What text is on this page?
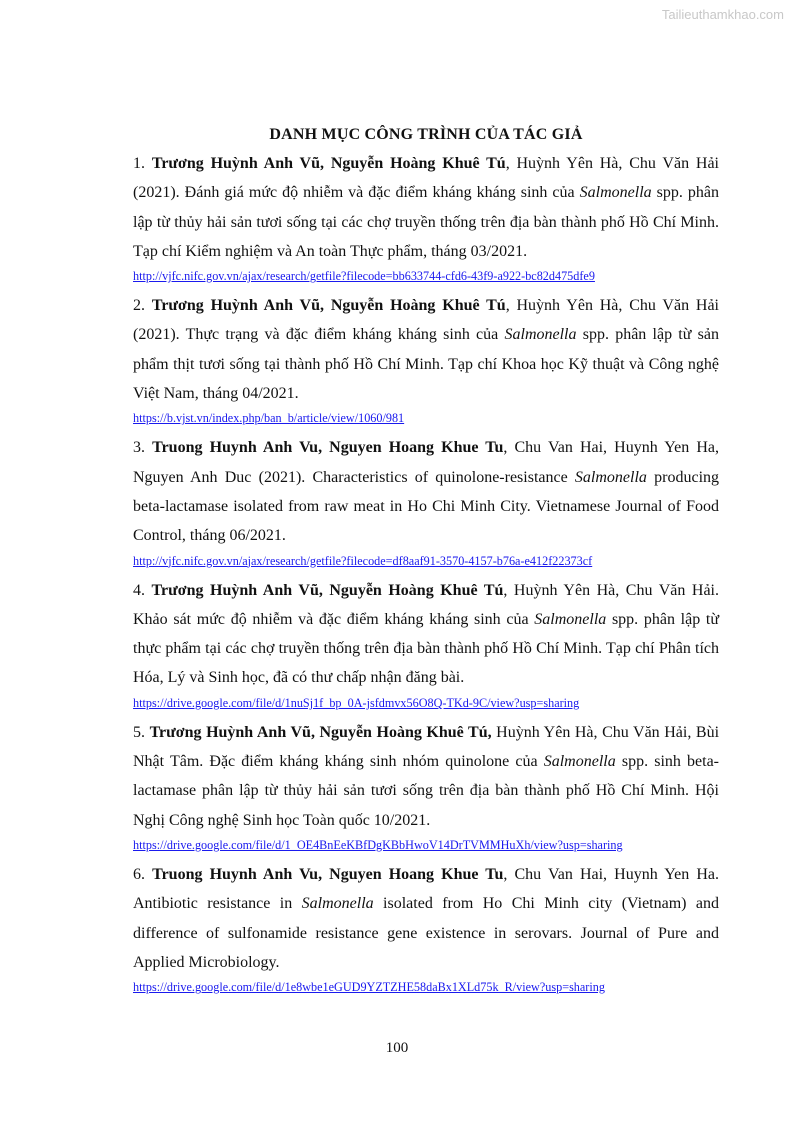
Tailieuthamkhao.com
DANH MỤC CÔNG TRÌNH CỦA TÁC GIẢ

1. Trương Huỳnh Anh Vũ, Nguyễn Hoàng Khuê Tú, Huỳnh Yên Hà, Chu Văn Hải (2021). Đánh giá mức độ nhiễm và đặc điểm kháng kháng sinh của Salmonella spp. phân lập từ thủy hải sản tươi sống tại các chợ truyền thống trên địa bàn thành phố Hồ Chí Minh. Tạp chí Kiểm nghiệm và An toàn Thực phẩm, tháng 03/2021.

http://vjfc.nifc.gov.vn/ajax/research/getfile?filecode=bb633744-cfd6-43f9-a922-bc82d475dfe9

2. Trương Huỳnh Anh Vũ, Nguyễn Hoàng Khuê Tú, Huỳnh Yên Hà, Chu Văn Hải (2021). Thực trạng và đặc điểm kháng kháng sinh của Salmonella spp. phân lập từ sản phẩm thịt tươi sống tại thành phố Hồ Chí Minh. Tạp chí Khoa học Kỹ thuật và Công nghệ Việt Nam, tháng 04/2021.

https://b.vjst.vn/index.php/ban_b/article/view/1060/981

3. Truong Huynh Anh Vu, Nguyen Hoang Khue Tu, Chu Van Hai, Huynh Yen Ha, Nguyen Anh Duc (2021). Characteristics of quinolone-resistance Salmonella producing beta-lactamase isolated from raw meat in Ho Chi Minh City. Vietnamese Journal of Food Control, tháng 06/2021.

http://vjfc.nifc.gov.vn/ajax/research/getfile?filecode=df8aaf91-3570-4157-b76a-e412f22373cf

4. Trương Huỳnh Anh Vũ, Nguyễn Hoàng Khuê Tú, Huỳnh Yên Hà, Chu Văn Hải. Khảo sát mức độ nhiễm và đặc điểm kháng kháng sinh của Salmonella spp. phân lập từ thực phẩm tại các chợ truyền thống trên địa bàn thành phố Hồ Chí Minh. Tạp chí Phân tích Hóa, Lý và Sinh học, đã có thư chấp nhận đăng bài.

https://drive.google.com/file/d/1nuSj1f_bp_0A-jsfdmvx56O8Q-TKd-9C/view?usp=sharing

5. Trương Huỳnh Anh Vũ, Nguyễn Hoàng Khuê Tú, Huỳnh Yên Hà, Chu Văn Hải, Bùi Nhật Tâm. Đặc điểm kháng kháng sinh nhóm quinolone của Salmonella spp. sinh beta-lactamase phân lập từ thủy hải sản tươi sống trên địa bàn thành phố Hồ Chí Minh. Hội Nghị Công nghệ Sinh học Toàn quốc 10/2021.

https://drive.google.com/file/d/1_OE4BnEeKBfDgKBbHwoV14DrTVMMHuXh/view?usp=sharing

6. Truong Huynh Anh Vu, Nguyen Hoang Khue Tu, Chu Van Hai, Huynh Yen Ha. Antibiotic resistance in Salmonella isolated from Ho Chi Minh city (Vietnam) and difference of sulfonamide resistance gene existence in serovars. Journal of Pure and Applied Microbiology.

https://drive.google.com/file/d/1e8wbe1eGUD9YZTZHE58daBx1XLd75k_R/view?usp=sharing
100
